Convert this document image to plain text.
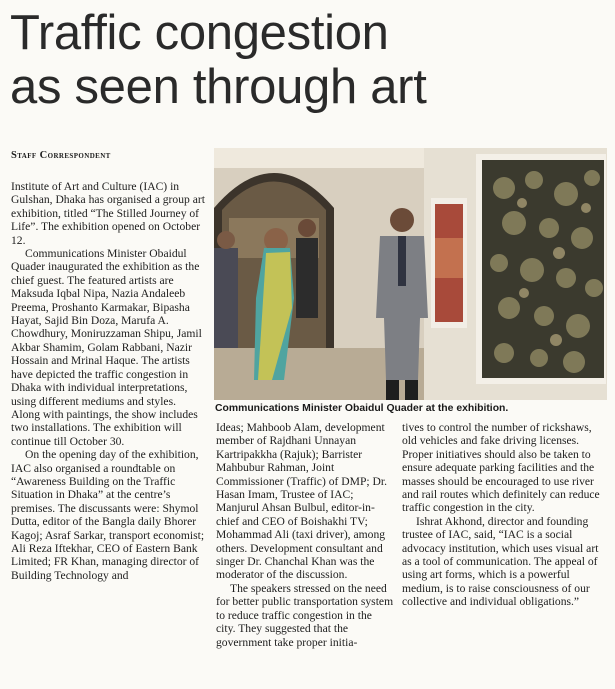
Traffic congestion
as seen through art
Staff Correspondent

Institute of Art and Culture (IAC) in Gulshan, Dhaka has organised a group art exhibition, titled “The Stilled Journey of Life”. The exhibition opened on October 12.

Communications Minister Obaidul Quader inaugurated the exhibition as the chief guest. The featured artists are Maksuda Iqbal Nipa, Nazia Andaleeb Preema, Proshanto Karmakar, Bipasha Hayat, Sajid Bin Doza, Marufa A. Chowdhury, Moniruzzaman Shipu, Jamil Akbar Shamim, Golam Rabbani, Nazir Hossain and Mrinal Haque. The artists have depicted the traffic congestion in Dhaka with individual interpretations, using different mediums and styles. Along with paintings, the show includes two installations. The exhibition will continue till October 30.

On the opening day of the exhibition, IAC also organised a roundtable on “Awareness Building on the Traffic Situation in Dhaka” at the centre’s premises. The discussants were: Shymol Dutta, editor of the Bangla daily Bhorer Kagoj; Asraf Sarkar, transport economist; Ali Reza Iftekhar, CEO of Eastern Bank Limited; FR Khan, managing director of Building Technology and

Communications Minister Obaidul Quader at the exhibition.

Ideas; Mahboob Alam, development member of Rajdhani Unnayan Kartripakkha (Rajuk); Barrister Mahbubur Rahman, Joint Commissioner (Traffic) of DMP; Dr. Hasan Imam, Trustee of IAC; Manjurul Ahsan Bulbul, editor-in-chief and CEO of Boishakhi TV; Mohammad Ali (taxi driver), among others. Development consultant and singer Dr. Chanchal Khan was the moderator of the discussion.

The speakers stressed on the need for better public transportation system to reduce traffic congestion in the city. They suggested that the government take proper initia-

tives to control the number of rickshaws, old vehicles and fake driving licenses. Proper initiatives should also be taken to ensure adequate parking facilities and the masses should be encouraged to use river and rail routes which definitely can reduce traffic congestion in the city.

Ishrat Akhond, director and founding trustee of IAC, said, “IAC is a social advocacy institution, which uses visual art as a tool of communication. The appeal of using art forms, which is a powerful medium, is to raise consciousness of our collective and individual obligations.”
